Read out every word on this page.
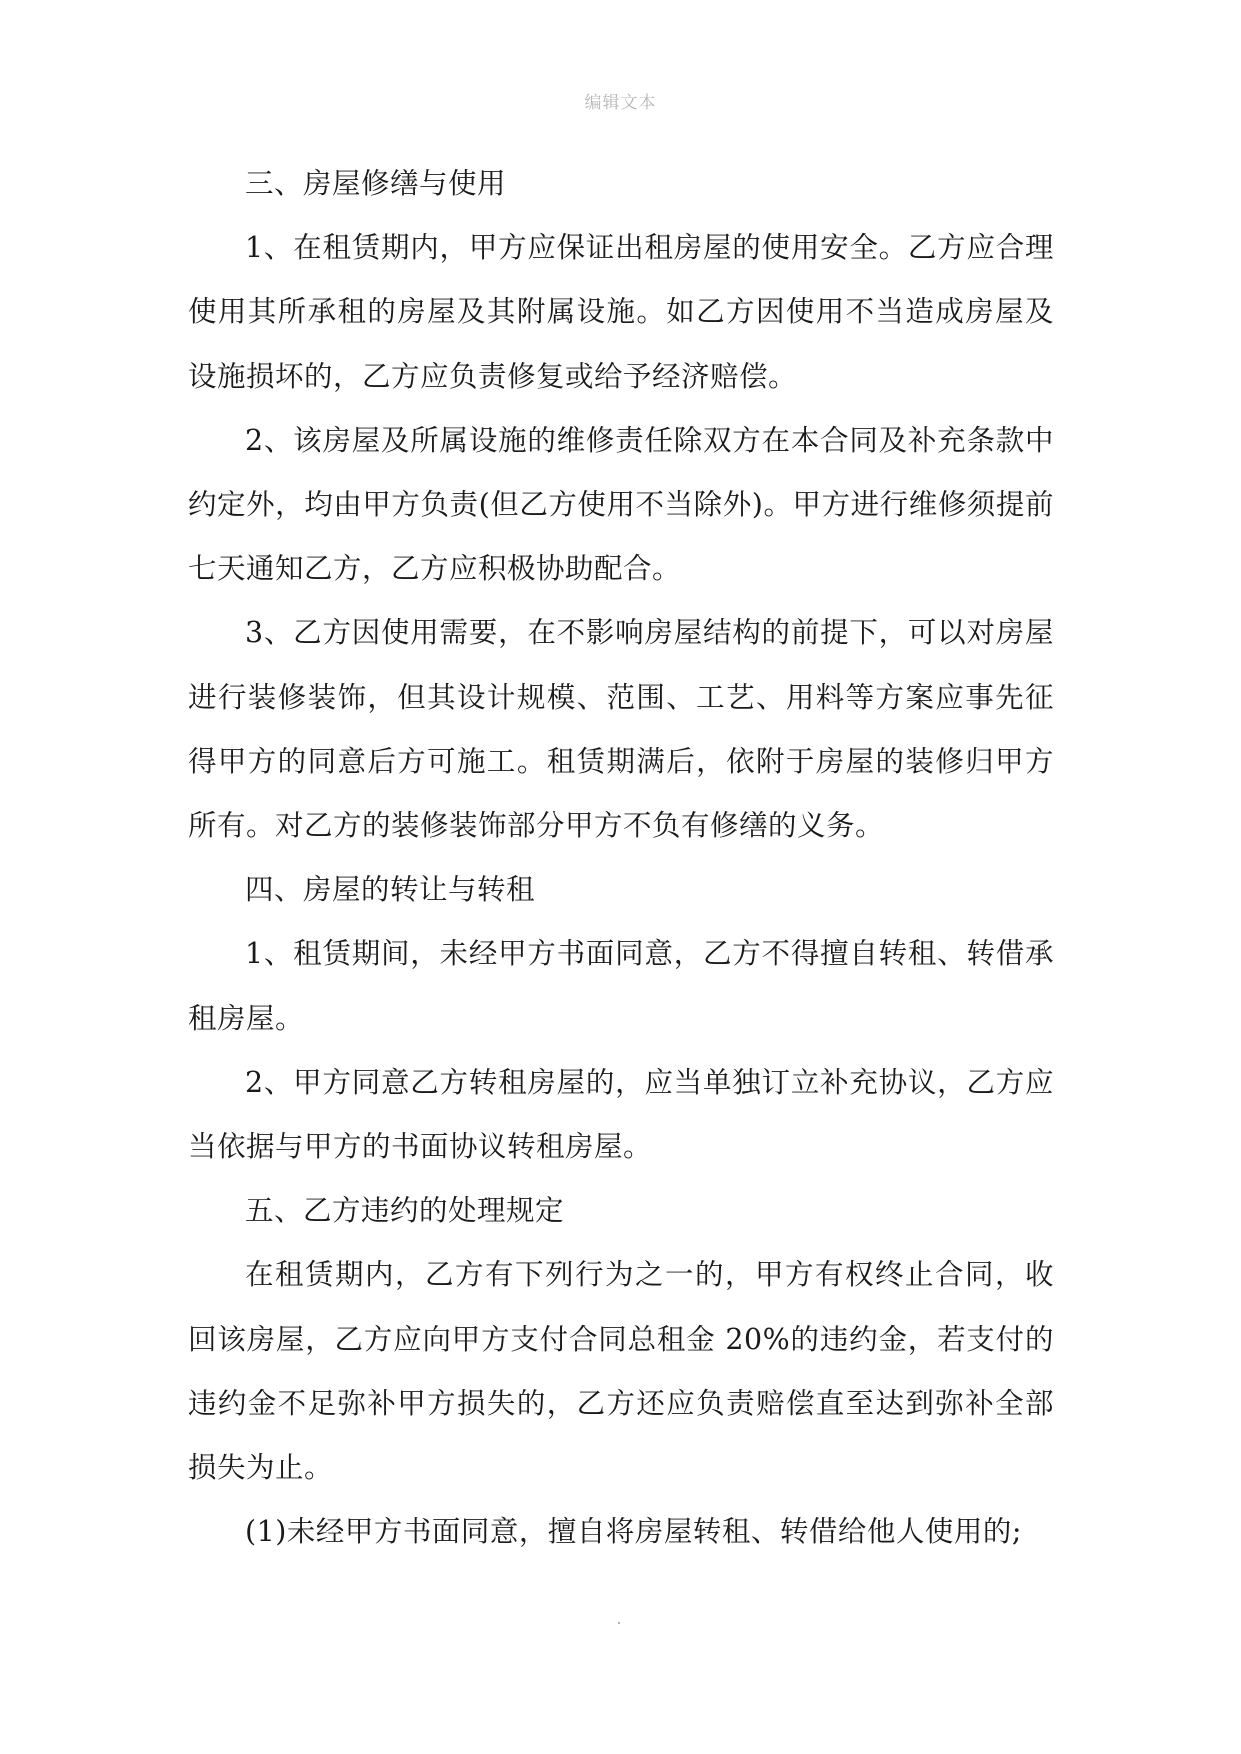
编辑文本

三、房屋修缮与使用

1、在租赁期内，甲方应保证出租房屋的使用安全。乙方应合理使用其所承租的房屋及其附属设施。如乙方因使用不当造成房屋及设施损坏的，乙方应负责修复或给予经济赔偿。

2、该房屋及所属设施的维修责任除双方在本合同及补充条款中约定外，均由甲方负责(但乙方使用不当除外)。甲方进行维修须提前七天通知乙方，乙方应积极协助配合。

3、乙方因使用需要，在不影响房屋结构的前提下，可以对房屋进行装修装饰，但其设计规模、范围、工艺、用料等方案应事先征得甲方的同意后方可施工。租赁期满后，依附于房屋的装修归甲方所有。对乙方的装修装饰部分甲方不负有修缮的义务。

四、房屋的转让与转租

1、租赁期间，未经甲方书面同意，乙方不得擅自转租、转借承租房屋。

2、甲方同意乙方转租房屋的，应当单独订立补充协议，乙方应当依据与甲方的书面协议转租房屋。

五、乙方违约的处理规定

在租赁期内，乙方有下列行为之一的，甲方有权终止合同，收回该房屋，乙方应向甲方支付合同总租金 20%的违约金，若支付的违约金不足弥补甲方损失的，乙方还应负责赔偿直至达到弥补全部损失为止。

(1)未经甲方书面同意，擅自将房屋转租、转借给他人使用的;
